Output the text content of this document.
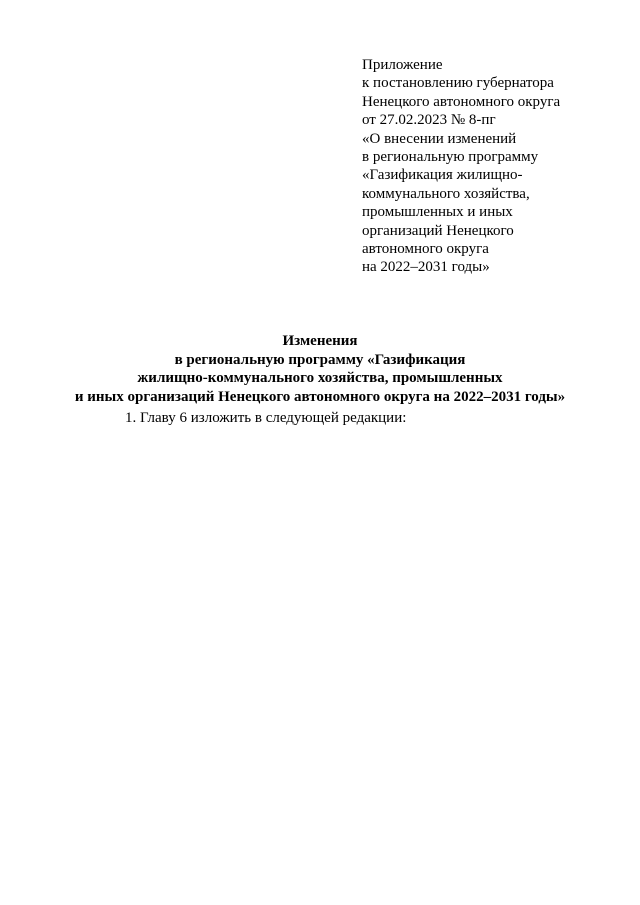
Приложение
к постановлению губернатора
Ненецкого автономного округа
от 27.02.2023 № 8-пг
«О внесении изменений
в региональную программу
«Газификация жилищно-
коммунального хозяйства,
промышленных и иных
организаций Ненецкого
автономного округа
на 2022–2031 годы»
Изменения
в региональную программу «Газификация
жилищно-коммунального хозяйства, промышленных
и иных организаций Ненецкого автономного округа на 2022–2031 годы»
1. Главу 6 изложить в следующей редакции:
